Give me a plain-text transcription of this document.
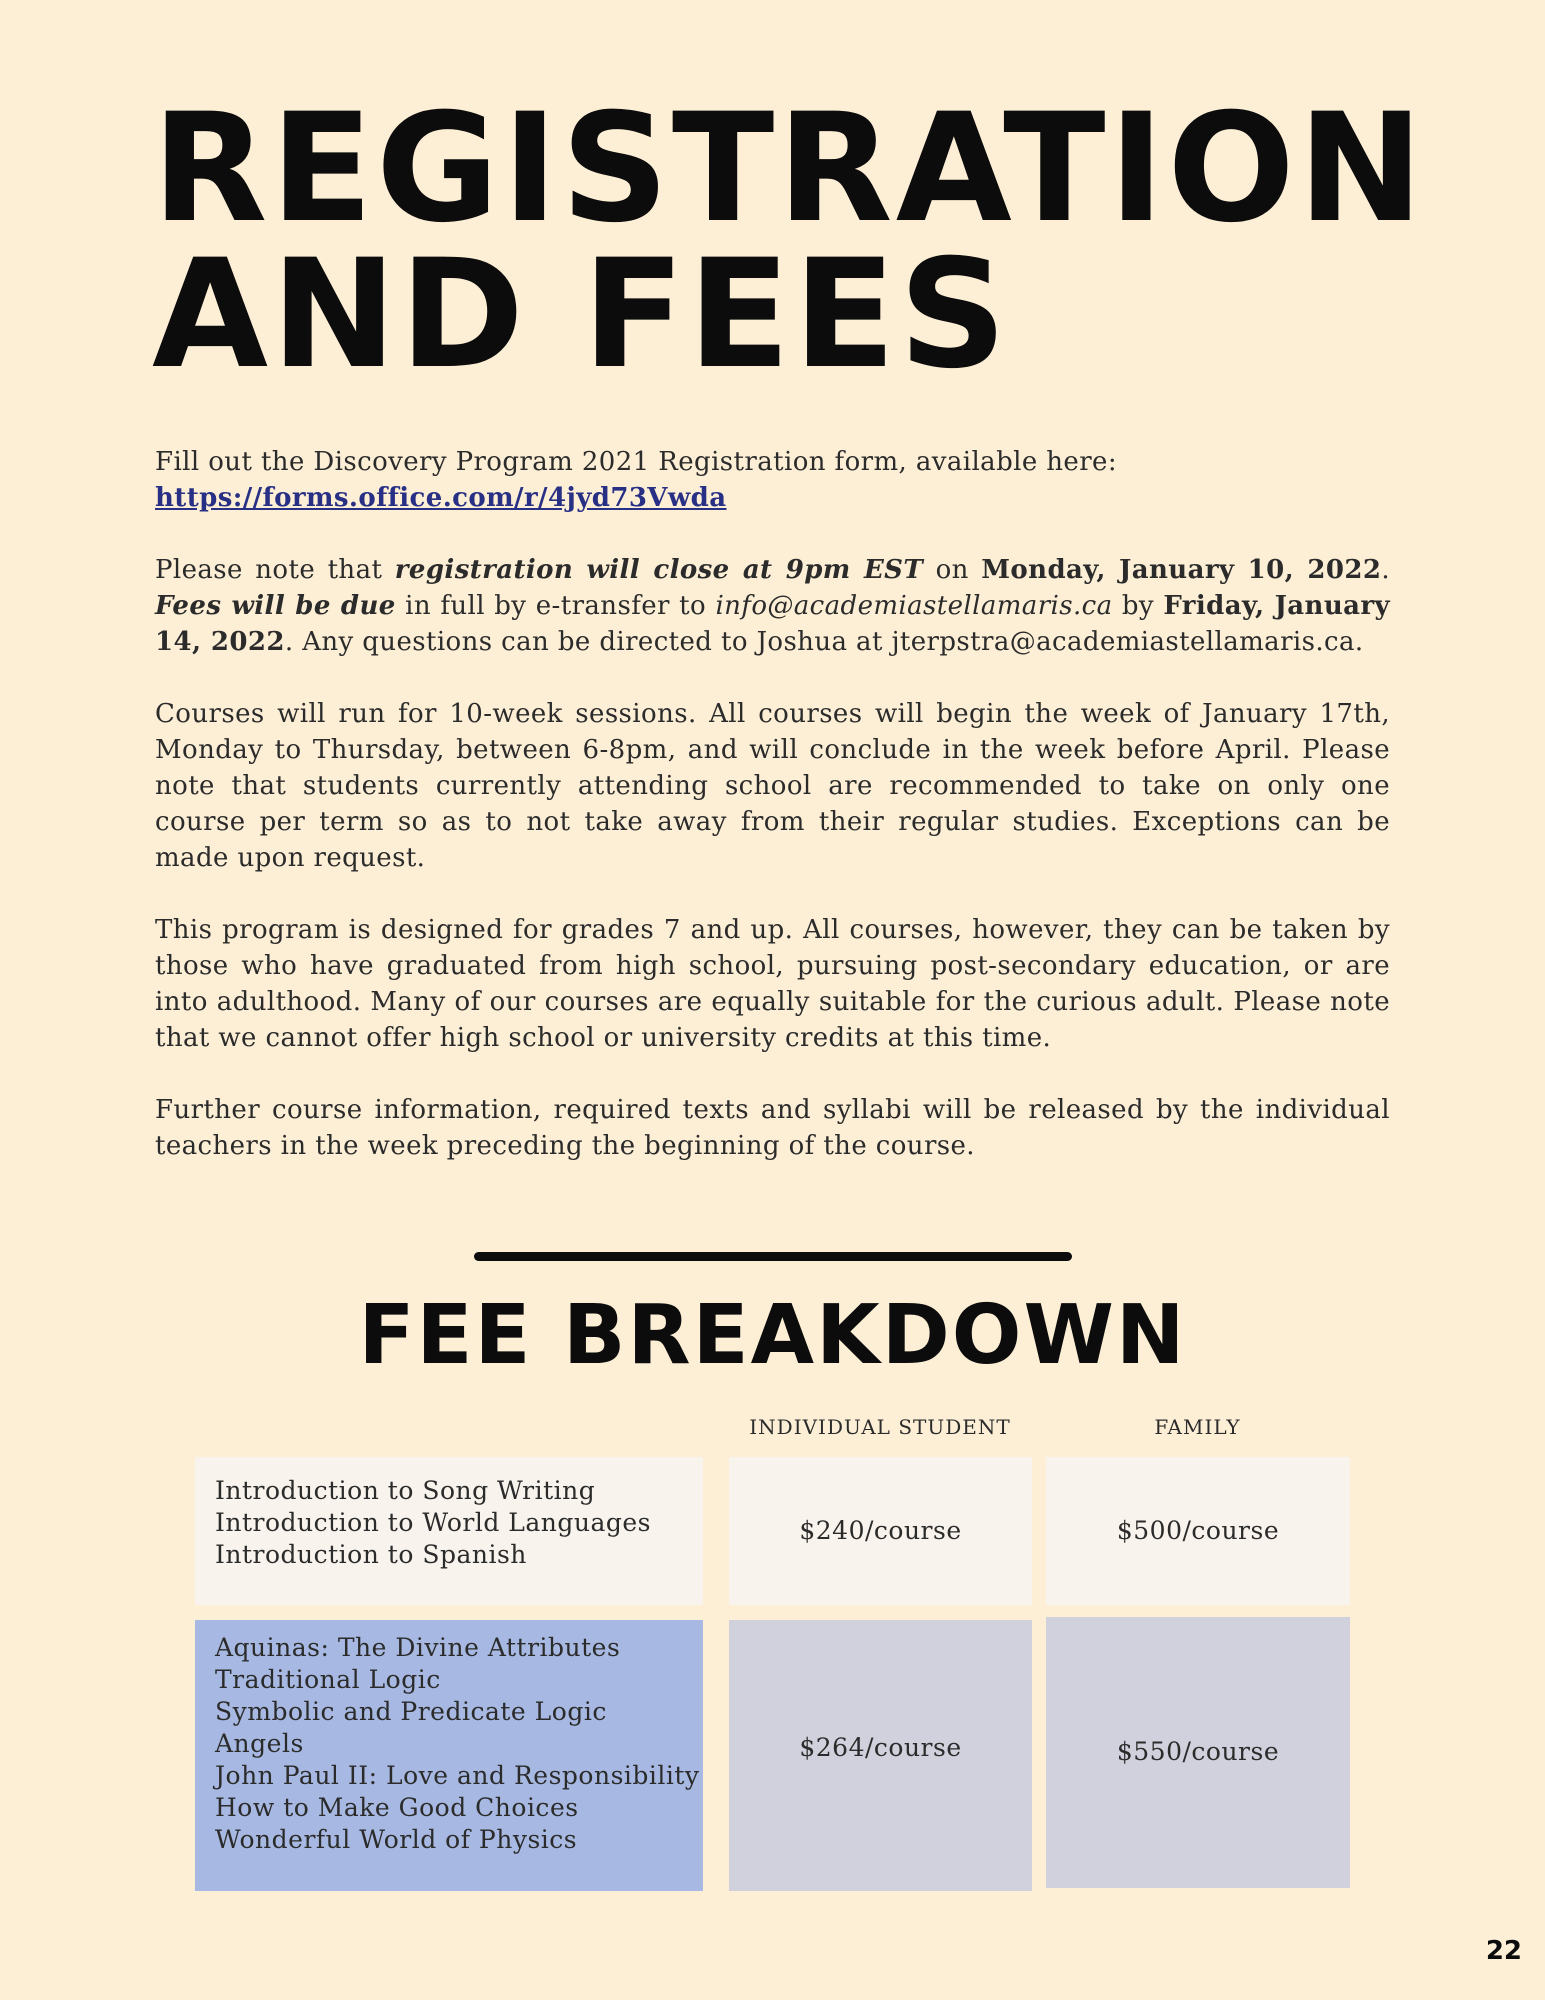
REGISTRATION
AND FEES

Fill out the Discovery Program 2021 Registration form, available here:
https://forms.office.com/r/4jyd73Vwda

Please note that registration will close at 9pm EST on Monday, January 10, 2022. Fees will be due in full by e-transfer to info@academiastellamaris.ca by Friday, January 14, 2022. Any questions can be directed to Joshua at jterpstra@academiastellamaris.ca.

Courses will run for 10-week sessions. All courses will begin the week of January 17th, Monday to Thursday, between 6-8pm, and will conclude in the week before April. Please note that students currently attending school are recommended to take on only one course per term so as to not take away from their regular studies. Exceptions can be made upon request.

This program is designed for grades 7 and up. All courses, however, they can be taken by those who have graduated from high school, pursuing post-secondary education, or are into adulthood. Many of our courses are equally suitable for the curious adult. Please note that we cannot offer high school or university credits at this time.

Further course information, required texts and syllabi will be released by the individual teachers in the week preceding the beginning of the course.

FEE BREAKDOWN
INDIVIDUAL STUDENT	FAMILY
Introduction to Song Writing
Introduction to World Languages
Introduction to Spanish
$240/course	$500/course
Aquinas: The Divine Attributes
Traditional Logic
Symbolic and Predicate Logic
Angels
John Paul II: Love and Responsibility
How to Make Good Choices
Wonderful World of Physics
$264/course	$550/course
22
